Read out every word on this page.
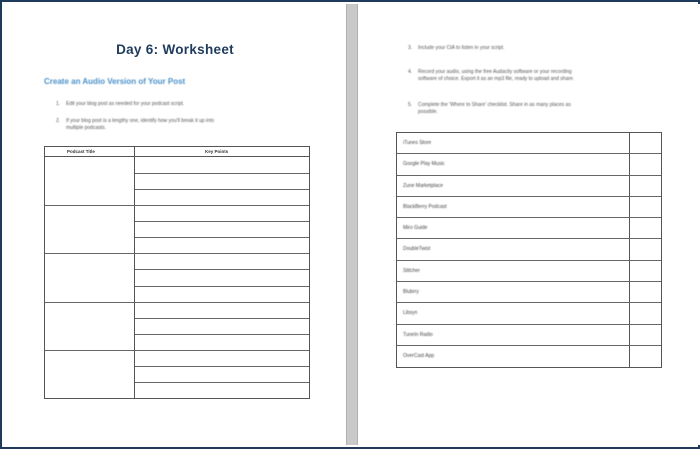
Day 6: Worksheet
Create an Audio Version of Your Post
1. Edit your blog post as needed for your podcast script.
2. If your blog post is a lengthy one, identify how you'll break it up into
multiple podcasts.
Podcast Title	Key Points
3. Include your CtA to listen in your script.
4. Record your audio, using the free Audacity software or your recording
software of choice. Export it as an mp3 file, ready to upload and share.
5. Complete the 'Where to Share' checklist. Share in as many places as
possible.
iTunes Store
Google Play Music
Zune Marketplace
BlackBerry Podcast
Miro Guide
DoubleTwist
Stitcher
Blubrry
Libsyn
TuneIn Radio
OverCast App
